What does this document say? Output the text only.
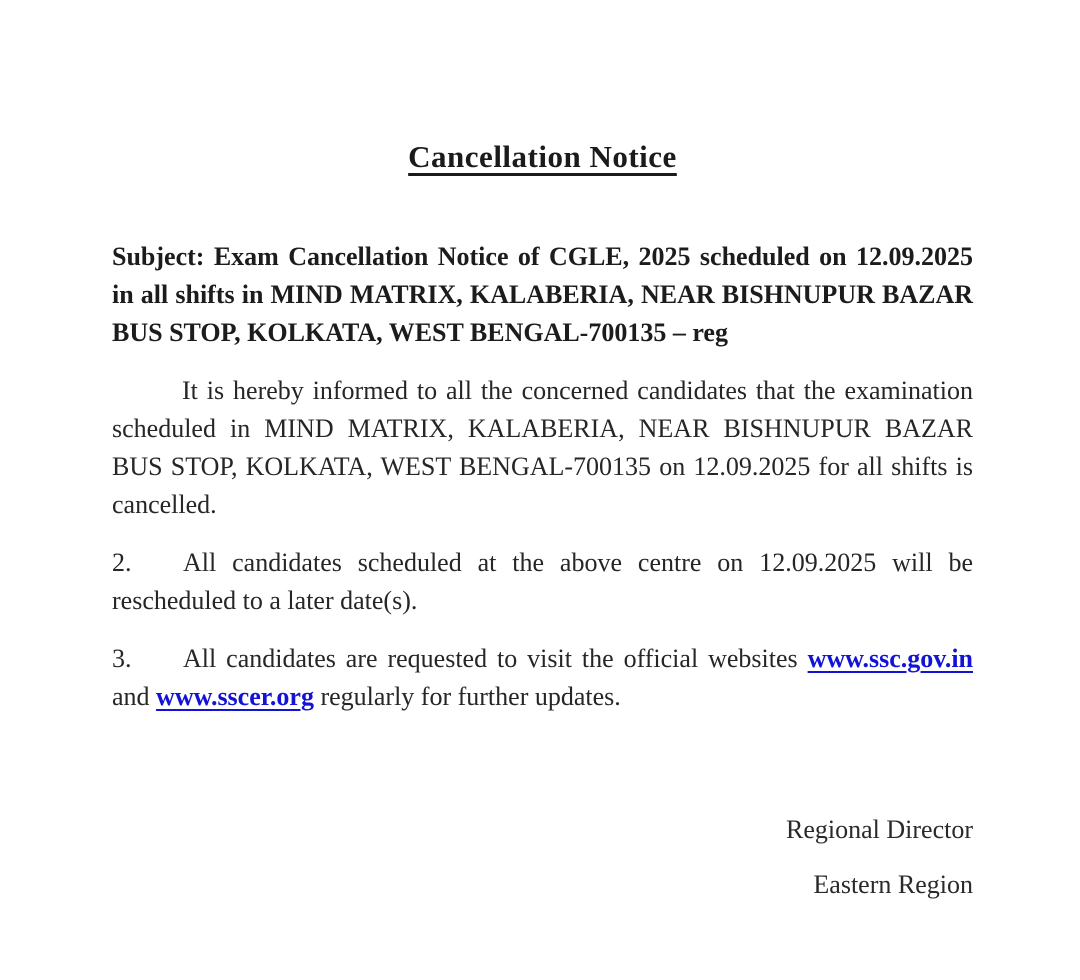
Cancellation Notice

Subject: Exam Cancellation Notice of CGLE, 2025 scheduled on 12.09.2025 in all shifts in MIND MATRIX, KALABERIA, NEAR BISHNUPUR BAZAR BUS STOP, KOLKATA, WEST BENGAL-700135 – reg

It is hereby informed to all the concerned candidates that the examination scheduled in MIND MATRIX, KALABERIA, NEAR BISHNUPUR BAZAR BUS STOP, KOLKATA, WEST BENGAL-700135 on 12.09.2025 for all shifts is cancelled.

2. All candidates scheduled at the above centre on 12.09.2025 will be rescheduled to a later date(s).

3. All candidates are requested to visit the official websites www.ssc.gov.in and www.sscer.org regularly for further updates.

Regional Director
Eastern Region
